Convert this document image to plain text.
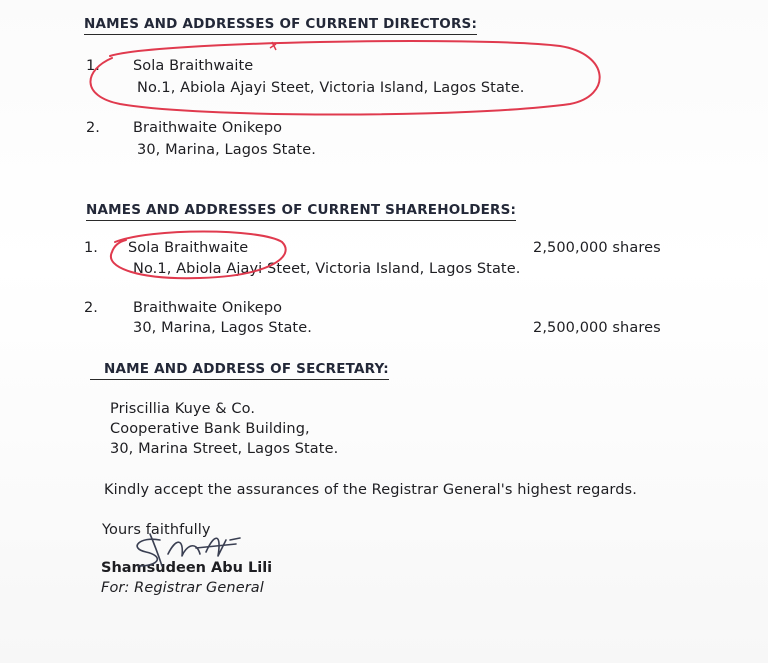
NAMES AND ADDRESSES OF CURRENT DIRECTORS:
1. Sola Braithwaite
No.1, Abiola Ajayi Steet, Victoria Island, Lagos State.
2. Braithwaite Onikepo
30, Marina, Lagos State.
NAMES AND ADDRESSES OF CURRENT SHAREHOLDERS:
1. Sola Braithwaite	2,500,000 shares
No.1, Abiola Ajayi Steet, Victoria Island, Lagos State.
2. Braithwaite Onikepo
30, Marina, Lagos State.	2,500,000 shares
NAME AND ADDRESS OF SECRETARY:
Priscillia Kuye & Co.
Cooperative Bank Building,
30, Marina Street, Lagos State.
Kindly accept the assurances of the Registrar General's highest regards.
Yours faithfully
Shamsudeen Abu Lili
For: Registrar General
